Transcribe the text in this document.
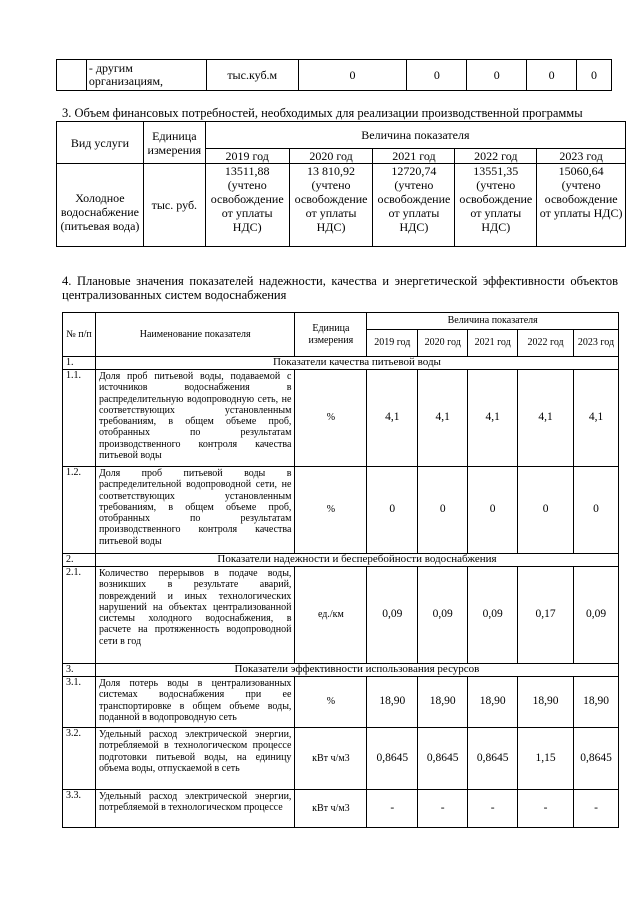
	- другим организациям,	тыс.куб.м	0	0	0	0	0
3. Объем финансовых потребностей, необходимых для реализации производственной программы
Вид услуги	Единица измерения	Величина показателя				
		2019 год	2020 год	2021 год	2022 год	2023 год
Холодное водоснабжение (питьевая вода)	тыс. руб.	13511,88 (учтено освобождение от уплаты НДС)	13 810,92 (учтено освобождение от уплаты НДС)	12720,74 (учтено освобождение от уплаты НДС)	13551,35 (учтено освобождение от уплаты НДС)	15060,64 (учтено освобождение от уплаты НДС)
4. Плановые значения показателей надежности, качества и энергетической эффективности объектов централизованных систем водоснабжения
№ п/п	Наименование показателя	Единица измерения	Величина показателя				
			2019 год	2020 год	2021 год	2022 год	2023 год
1.	Показатели качества питьевой воды						
1.1.	Доля проб питьевой воды, подаваемой с источников водоснабжения в распределительную водопроводную сеть, не соответствующих установленным требованиям, в общем объеме проб, отобранных по результатам производственного контроля качества питьевой воды	%	4,1	4,1	4,1	4,1	4,1
1.2.	Доля проб питьевой воды в распределительной водопроводной сети, не соответствующих установленным требованиям, в общем объеме проб, отобранных по результатам производственного контроля качества питьевой воды	%	0	0	0	0	0
2.	Показатели надежности и бесперебойности водоснабжения						
2.1.	Количество перерывов в подаче воды, возникших в результате аварий, повреждений и иных технологических нарушений на объектах централизованной системы холодного водоснабжения, в расчете на протяженность водопроводной сети в год	ед./км	0,09	0,09	0,09	0,17	0,09
3.	Показатели эффективности использования ресурсов						
3.1.	Доля потерь воды в централизованных системах водоснабжения при ее транспортировке в общем объеме воды, поданной в водопроводную сеть	%	18,90	18,90	18,90	18,90	18,90
3.2.	Удельный расход электрической энергии, потребляемой в технологическом процессе подготовки питьевой воды, на единицу объема воды, отпускаемой в сеть	кВт ч/м3	0,8645	0,8645	0,8645	1,15	0,8645
3.3.	Удельный расход электрической энергии, потребляемой в технологическом процессе	кВт ч/м3	-	-	-	-	-
